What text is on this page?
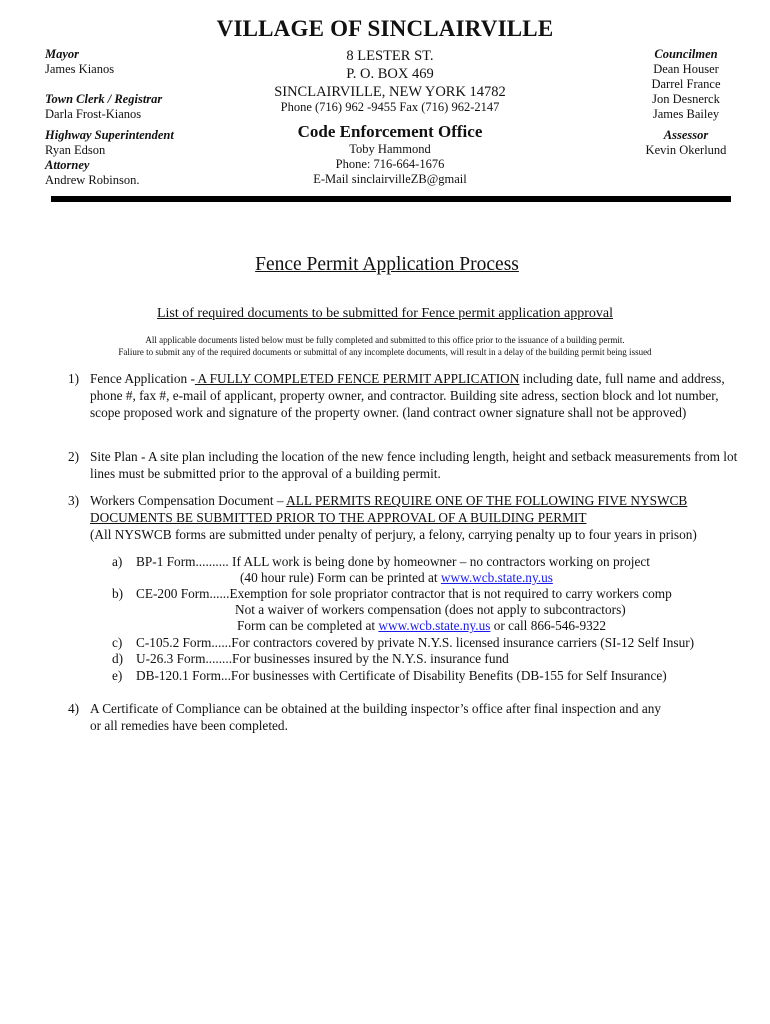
VILLAGE OF SINCLAIRVILLE
Mayor
James Kianos
Town Clerk / Registrar
Darla Frost-Kianos
Highway Superintendent
Ryan Edson
Attorney
Andrew Robinson.
8 LESTER ST.
P. O. BOX 469
SINCLAIRVILLE, NEW YORK 14782
Phone (716) 962 -9455 Fax (716) 962-2147
Code Enforcement Office
Toby Hammond
Phone: 716-664-1676
E-Mail sinclairvilleZB@gmail
Councilmen
Dean Houser
Darrel France
Jon Desnerck
James Bailey
Assessor
Kevin Okerlund
Fence Permit Application Process
List of required documents to be submitted for Fence permit application approval
All applicable documents listed below must be fully completed and submitted to this office prior to the issuance of a building permit.
Faliure to submit any of the required documents or submittal of any incomplete documents, will result in a delay of the building permit being issued
1) Fence Application - A FULLY COMPLETED FENCE PERMIT APPLICATION including date, full name and address, phone #, fax #, e-mail of applicant, property owner, and contractor. Building site adress, section block and lot number, scope proposed work and signature of the property owner. (land contract owner signature shall not be approved)
2) Site Plan - A site plan including the location of the new fence including length, height and setback measurements from lot lines must be submitted prior to the approval of a building permit.
3) Workers Compensation Document – ALL PERMITS REQUIRE ONE OF THE FOLLOWING FIVE NYSWCB DOCUMENTS BE SUBMITTED PRIOR TO THE APPROVAL OF A BUILDING PERMIT
(All NYSWCB forms are submitted under penalty of perjury, a felony, carrying penalty up to four years in prison)
a) BP-1 Form.......... If ALL work is being done by homeowner – no contractors working on project
(40 hour rule) Form can be printed at www.wcb.state.ny.us
b) CE-200 Form......Exemption for sole propriator contractor that is not required to carry workers comp
Not a waiver of workers compensation (does not apply to subcontractors)
Form can be completed at www.wcb.state.ny.us or call 866-546-9322
c) C-105.2 Form......For contractors covered by private N.Y.S. licensed insurance carriers (SI-12 Self Insur)
d) U-26.3 Form........For businesses insured by the N.Y.S. insurance fund
e) DB-120.1 Form...For businesses with Certificate of Disability Benefits (DB-155 for Self Insurance)
4) A Certificate of Compliance can be obtained at the building inspector’s office after final inspection and any or all remedies have been completed.
